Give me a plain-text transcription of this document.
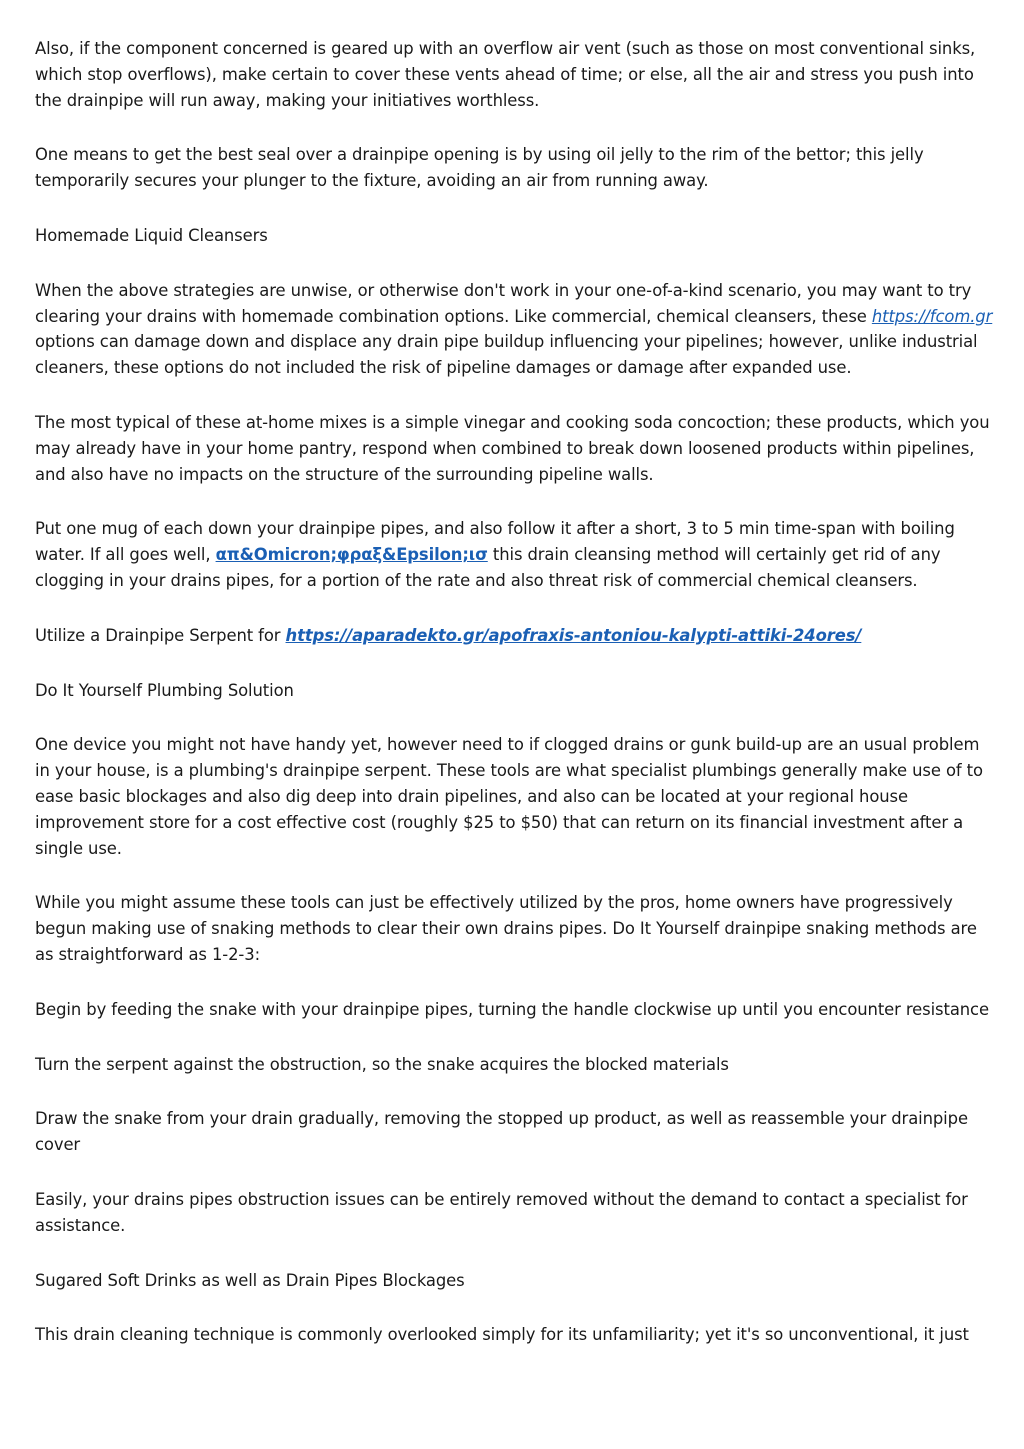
Also, if the component concerned is geared up with an overflow air vent (such as those on most conventional sinks, which stop overflows), make certain to cover these vents ahead of time; or else, all the air and stress you push into the drainpipe will run away, making your initiatives worthless.

One means to get the best seal over a drainpipe opening is by using oil jelly to the rim of the bettor; this jelly temporarily secures your plunger to the fixture, avoiding an air from running away.

Homemade Liquid Cleansers

When the above strategies are unwise, or otherwise don't work in your one-of-a-kind scenario, you may want to try clearing your drains with homemade combination options. Like commercial, chemical cleansers, these https://fcom.gr options can damage down and displace any drain pipe buildup influencing your pipelines; however, unlike industrial cleaners, these options do not included the risk of pipeline damages or damage after expanded use.

The most typical of these at-home mixes is a simple vinegar and cooking soda concoction; these products, which you may already have in your home pantry, respond when combined to break down loosened products within pipelines, and also have no impacts on the structure of the surrounding pipeline walls.

Put one mug of each down your drainpipe pipes, and also follow it after a short, 3 to 5 min time-span with boiling water. If all goes well, απ&Omicron;φραξ&Epsilon;ισ this drain cleansing method will certainly get rid of any clogging in your drains pipes, for a portion of the rate and also threat risk of commercial chemical cleansers.

Utilize a Drainpipe Serpent for https://aparadekto.gr/apofraxis-antoniou-kalypti-attiki-24ores/

Do It Yourself Plumbing Solution

One device you might not have handy yet, however need to if clogged drains or gunk build-up are an usual problem in your house, is a plumbing's drainpipe serpent. These tools are what specialist plumbings generally make use of to ease basic blockages and also dig deep into drain pipelines, and also can be located at your regional house improvement store for a cost effective cost (roughly $25 to $50) that can return on its financial investment after a single use.

While you might assume these tools can just be effectively utilized by the pros, home owners have progressively begun making use of snaking methods to clear their own drains pipes. Do It Yourself drainpipe snaking methods are as straightforward as 1-2-3:

Begin by feeding the snake with your drainpipe pipes, turning the handle clockwise up until you encounter resistance

Turn the serpent against the obstruction, so the snake acquires the blocked materials

Draw the snake from your drain gradually, removing the stopped up product, as well as reassemble your drainpipe cover

Easily, your drains pipes obstruction issues can be entirely removed without the demand to contact a specialist for assistance.

Sugared Soft Drinks as well as Drain Pipes Blockages

This drain cleaning technique is commonly overlooked simply for its unfamiliarity; yet it's so unconventional, it just
